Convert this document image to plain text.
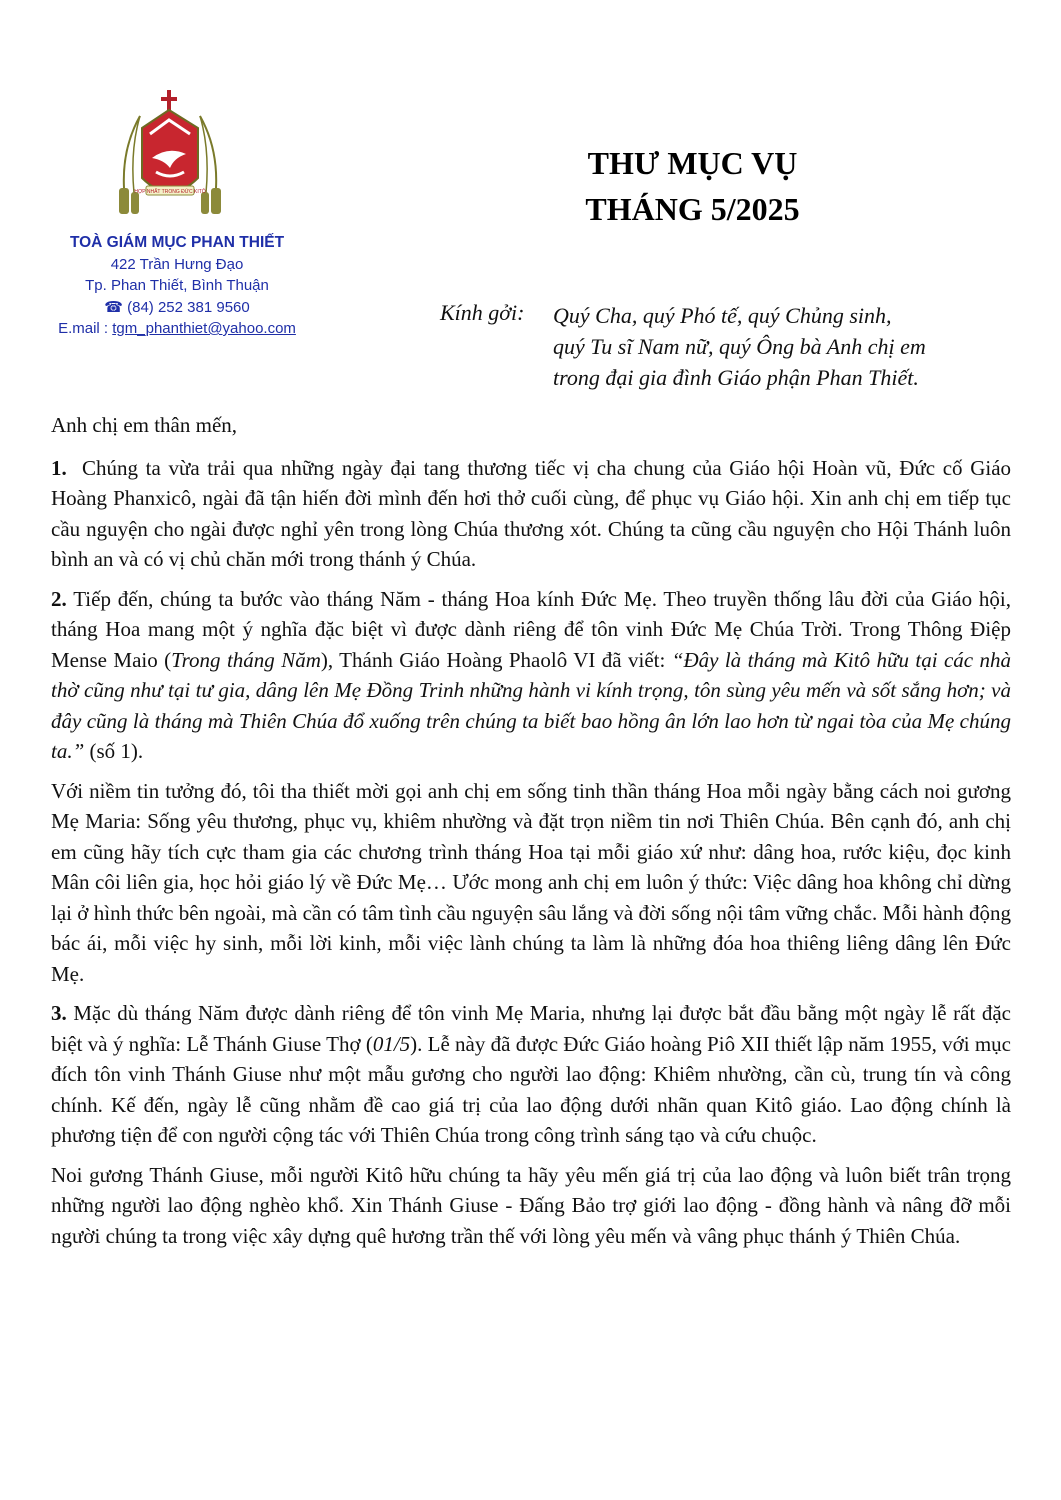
HỢP NHẤT TRONG ĐỨC KITÔ
TOÀ GIÁM MỤC PHAN THIẾT
422 Trần Hưng Đạo
Tp. Phan Thiết, Bình Thuận
☎ (84) 252 381 9560
E.mail : tgm_phanthiet@yahoo.com
THƯ MỤC VỤ
THÁNG 5/2025
Kính gởi: Quý Cha, quý Phó tế, quý Chủng sinh,
quý Tu sĩ Nam nữ, quý Ông bà Anh chị em
trong đại gia đình Giáo phận Phan Thiết.

Anh chị em thân mến,

1. Chúng ta vừa trải qua những ngày đại tang thương tiếc vị cha chung của Giáo hội Hoàn vũ, Đức cố Giáo Hoàng Phanxicô, ngài đã tận hiến đời mình đến hơi thở cuối cùng, để phục vụ Giáo hội. Xin anh chị em tiếp tục cầu nguyện cho ngài được nghỉ yên trong lòng Chúa thương xót. Chúng ta cũng cầu nguyện cho Hội Thánh luôn bình an và có vị chủ chăn mới trong thánh ý Chúa.

2. Tiếp đến, chúng ta bước vào tháng Năm - tháng Hoa kính Đức Mẹ. Theo truyền thống lâu đời của Giáo hội, tháng Hoa mang một ý nghĩa đặc biệt vì được dành riêng để tôn vinh Đức Mẹ Chúa Trời. Trong Thông Điệp Mense Maio (Trong tháng Năm), Thánh Giáo Hoàng Phaolô VI đã viết: “Đây là tháng mà Kitô hữu tại các nhà thờ cũng như tại tư gia, dâng lên Mẹ Đồng Trinh những hành vi kính trọng, tôn sùng yêu mến và sốt sắng hơn; và đây cũng là tháng mà Thiên Chúa đổ xuống trên chúng ta biết bao hồng ân lớn lao hơn từ ngai tòa của Mẹ chúng ta.” (số 1).

Với niềm tin tưởng đó, tôi tha thiết mời gọi anh chị em sống tinh thần tháng Hoa mỗi ngày bằng cách noi gương Mẹ Maria: Sống yêu thương, phục vụ, khiêm nhường và đặt trọn niềm tin nơi Thiên Chúa. Bên cạnh đó, anh chị em cũng hãy tích cực tham gia các chương trình tháng Hoa tại mỗi giáo xứ như: dâng hoa, rước kiệu, đọc kinh Mân côi liên gia, học hỏi giáo lý về Đức Mẹ… Ước mong anh chị em luôn ý thức: Việc dâng hoa không chỉ dừng lại ở hình thức bên ngoài, mà cần có tâm tình cầu nguyện sâu lắng và đời sống nội tâm vững chắc. Mỗi hành động bác ái, mỗi việc hy sinh, mỗi lời kinh, mỗi việc lành chúng ta làm là những đóa hoa thiêng liêng dâng lên Đức Mẹ.

3. Mặc dù tháng Năm được dành riêng để tôn vinh Mẹ Maria, nhưng lại được bắt đầu bằng một ngày lễ rất đặc biệt và ý nghĩa: Lễ Thánh Giuse Thợ (01/5). Lễ này đã được Đức Giáo hoàng Piô XII thiết lập năm 1955, với mục đích tôn vinh Thánh Giuse như một mẫu gương cho người lao động: Khiêm nhường, cần cù, trung tín và công chính. Kế đến, ngày lễ cũng nhằm đề cao giá trị của lao động dưới nhãn quan Kitô giáo. Lao động chính là phương tiện để con người cộng tác với Thiên Chúa trong công trình sáng tạo và cứu chuộc.

Noi gương Thánh Giuse, mỗi người Kitô hữu chúng ta hãy yêu mến giá trị của lao động và luôn biết trân trọng những người lao động nghèo khổ. Xin Thánh Giuse - Đấng Bảo trợ giới lao động - đồng hành và nâng đỡ mỗi người chúng ta trong việc xây dựng quê hương trần thế với lòng yêu mến và vâng phục thánh ý Thiên Chúa.
